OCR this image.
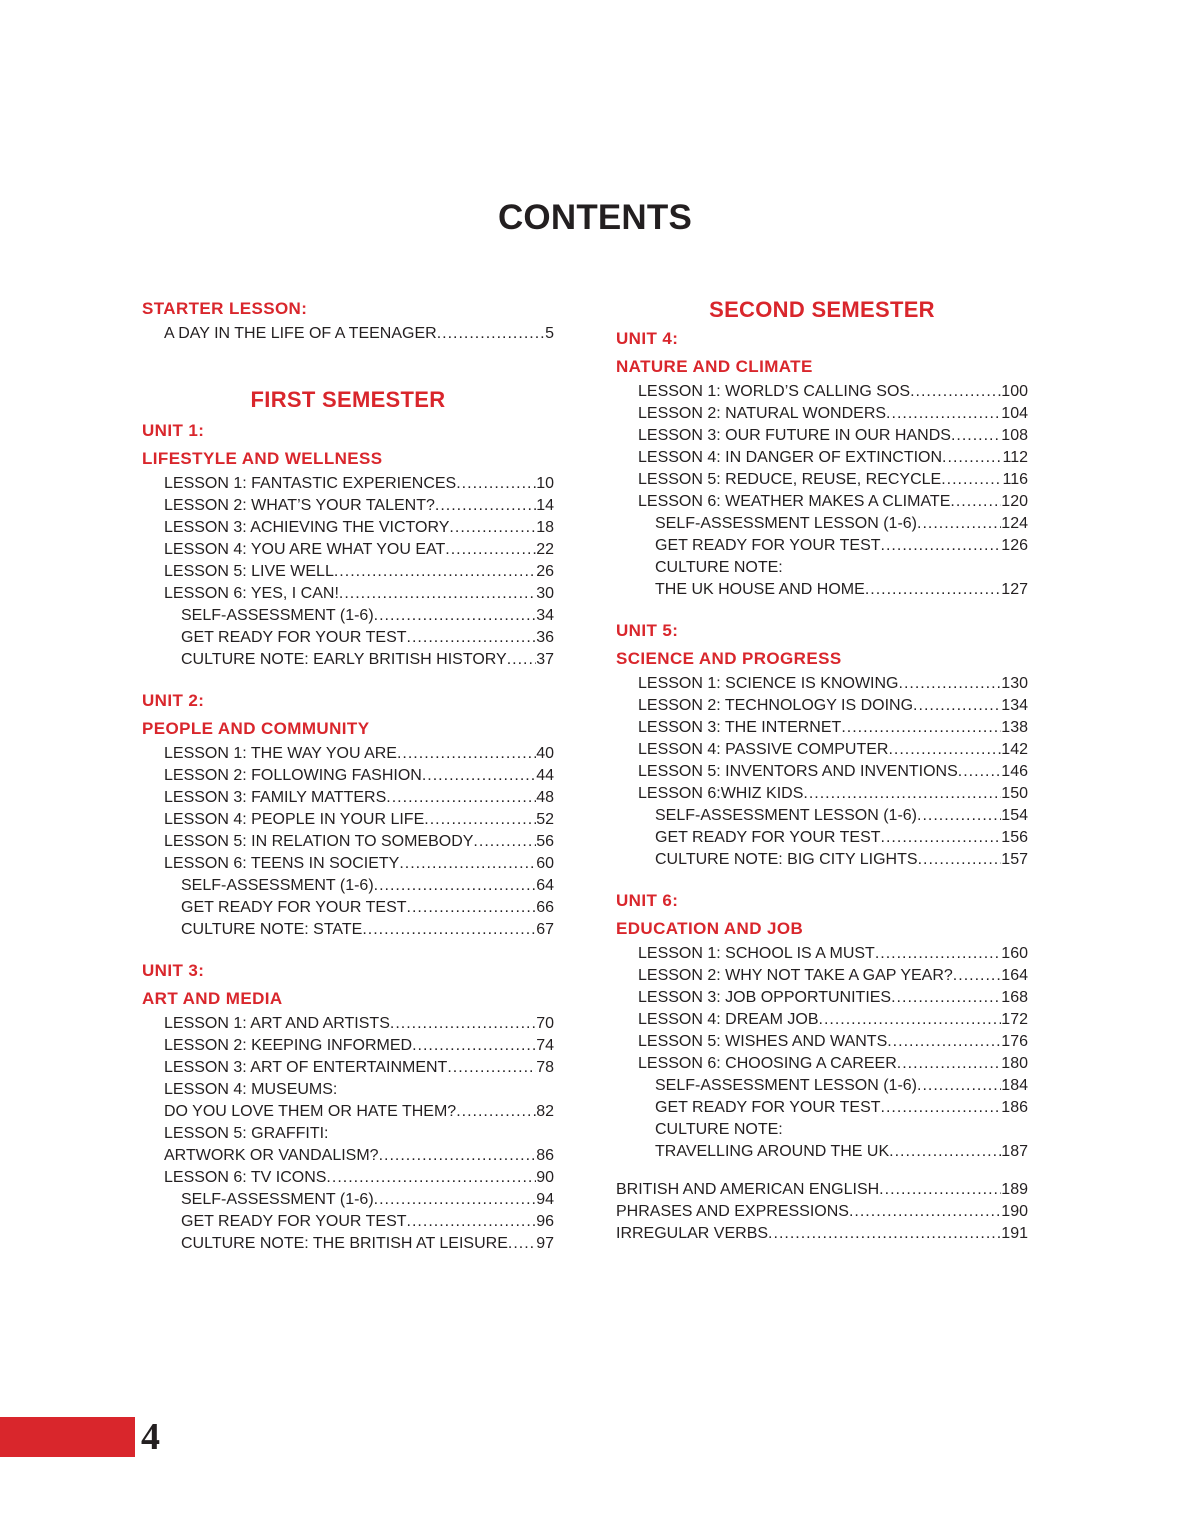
CONTENTS
STARTER LESSON:
A DAY IN THE LIFE OF A TEENAGER .....	5
FIRST SEMESTER
UNIT 1:
LIFESTYLE AND WELLNESS
LESSON 1: FANTASTIC EXPERIENCES .....	10
LESSON 2: WHAT’S YOUR TALENT? .....	14
LESSON 3: ACHIEVING THE VICTORY .....	18
LESSON 4: YOU ARE WHAT YOU EAT .....	22
LESSON 5: LIVE WELL .....	26
LESSON 6: YES, I CAN! .....	30
SELF-ASSESSMENT (1-6) .....	34
GET READY FOR YOUR TEST .....	36
CULTURE NOTE: EARLY BRITISH HISTORY ..... 37
UNIT 2:
PEOPLE AND COMMUNITY
LESSON 1: THE WAY YOU ARE .....	40
LESSON 2: FOLLOWING FASHION .....	44
LESSON 3: FAMILY MATTERS .....	48
LESSON 4: PEOPLE IN YOUR LIFE .....	52
LESSON 5: IN RELATION TO SOMEBODY .....	56
LESSON 6: TEENS IN SOCIETY .....	60
SELF-ASSESSMENT (1-6) .....	64
GET READY FOR YOUR TEST .....	66
CULTURE NOTE: STATE .....	67
UNIT 3:
ART AND MEDIA
LESSON 1: ART AND ARTISTS .....	70
LESSON 2: KEEPING INFORMED .....	74
LESSON 3: ART OF ENTERTAINMENT .....	78
LESSON 4: MUSEUMS:
DO YOU LOVE THEM OR HATE THEM? .....	82
LESSON 5: GRAFFITI:
ARTWORK OR VANDALISM? .....	86
LESSON 6: TV ICONS .....	90
SELF-ASSESSMENT (1-6) .....	94
GET READY FOR YOUR TEST .....	96
CULTURE NOTE: THE BRITISH AT LEISURE ..... 97
SECOND SEMESTER
UNIT 4:
NATURE AND CLIMATE
LESSON 1: WORLD’S CALLING SOS .....	100
LESSON 2: NATURAL WONDERS .....	104
LESSON 3: OUR FUTURE IN OUR HANDS .....	108
LESSON 4: IN DANGER OF EXTINCTION .....	112
LESSON 5: REDUCE, REUSE, RECYCLE .....	116
LESSON 6: WEATHER MAKES A CLIMATE .....	120
SELF-ASSESSMENT LESSON (1-6) .....	124
GET READY FOR YOUR TEST .....	126
CULTURE NOTE:
THE UK HOUSE AND HOME .....	127
UNIT 5:
SCIENCE AND PROGRESS
LESSON 1: SCIENCE IS KNOWING .....	130
LESSON 2: TECHNOLOGY IS DOING .....	134
LESSON 3: THE INTERNET .....	138
LESSON 4: PASSIVE COMPUTER .....	142
LESSON 5: INVENTORS AND INVENTIONS .....	146
LESSON 6:WHIZ KIDS .....	150
SELF-ASSESSMENT LESSON (1-6) .....	154
GET READY FOR YOUR TEST .....	156
CULTURE NOTE: BIG CITY LIGHTS .....	157
UNIT 6:
EDUCATION AND JOB
LESSON 1: SCHOOL IS A MUST .....	160
LESSON 2: WHY NOT TAKE A GAP YEAR? .....	164
LESSON 3: JOB OPPORTUNITIES .....	168
LESSON 4: DREAM JOB .....	172
LESSON 5: WISHES AND WANTS .....	176
LESSON 6: CHOOSING A CAREER .....	180
SELF-ASSESSMENT LESSON (1-6) .....	184
GET READY FOR YOUR TEST .....	186
CULTURE NOTE:
TRAVELLING AROUND THE UK .....	187
BRITISH AND AMERICAN ENGLISH .....	189
PHRASES AND EXPRESSIONS .....	190
IRREGULAR VERBS .....	191
4
